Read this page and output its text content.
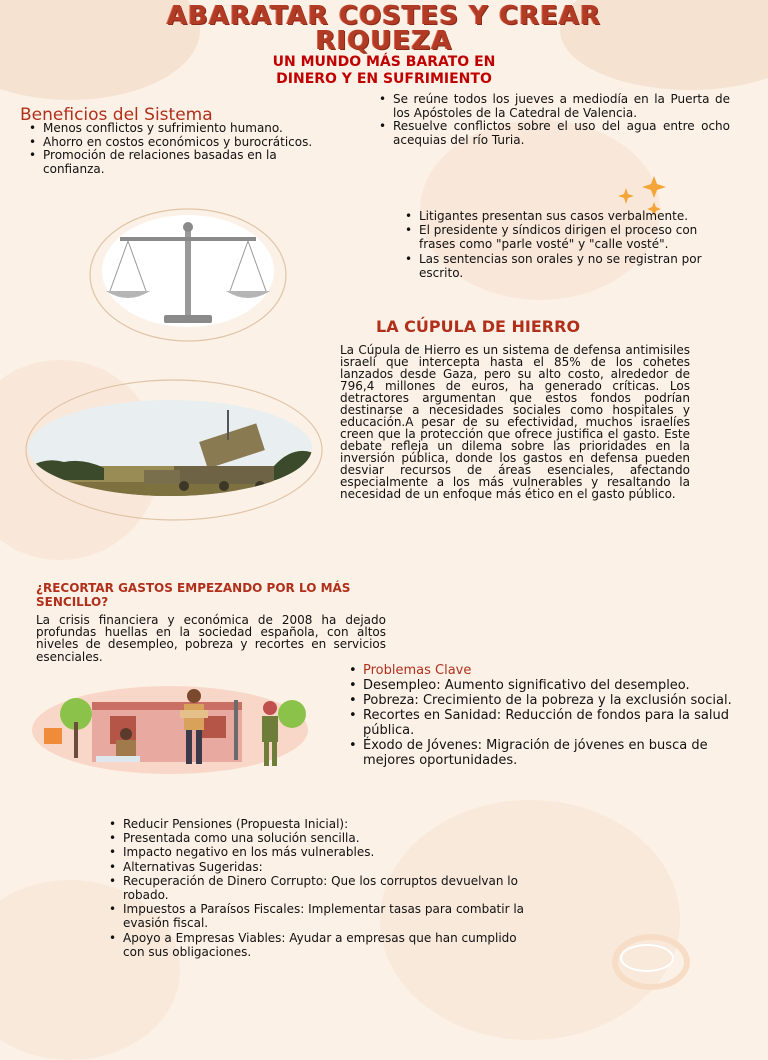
ABARATAR COSTES Y CREAR
RIQUEZA
UN MUNDO MÁS BARATO EN
DINERO Y EN SUFRIMIENTO
Beneficios del Sistema
• Menos conflictos y sufrimiento humano.
• Ahorro en costos económicos y burocráticos.
• Promoción de relaciones basadas en la confianza.
• Se reúne todos los jueves a mediodía en la Puerta de los Apóstoles de la Catedral de Valencia.
• Resuelve conflictos sobre el uso del agua entre ocho acequias del río Turia.
• Litigantes presentan sus casos verbalmente.
• El presidente y síndicos dirigen el proceso con frases como "parle vosté" y "calle vosté".
• Las sentencias son orales y no se registran por escrito.
LA CÚPULA DE HIERRO
La Cúpula de Hierro es un sistema de defensa antimisiles israelí que intercepta hasta el 85% de los cohetes lanzados desde Gaza, pero su alto costo, alrededor de 796,4 millones de euros, ha generado críticas. Los detractores argumentan que estos fondos podrían destinarse a necesidades sociales como hospitales y educación.A pesar de su efectividad, muchos israelíes creen que la protección que ofrece justifica el gasto. Este debate refleja un dilema sobre las prioridades en la inversión pública, donde los gastos en defensa pueden desviar recursos de áreas esenciales, afectando especialmente a los más vulnerables y resaltando la necesidad de un enfoque más ético en el gasto público.
¿RECORTAR GASTOS EMPEZANDO POR LO MÁS
SENCILLO?
La crisis financiera y económica de 2008 ha dejado profundas huellas en la sociedad española, con altos niveles de desempleo, pobreza y recortes en servicios esenciales.
• Problemas Clave
• Desempleo: Aumento significativo del desempleo.
• Pobreza: Crecimiento de la pobreza y la exclusión social.
• Recortes en Sanidad: Reducción de fondos para la salud pública.
• Éxodo de Jóvenes: Migración de jóvenes en busca de mejores oportunidades.
• Reducir Pensiones (Propuesta Inicial):
• Presentada como una solución sencilla.
• Impacto negativo en los más vulnerables.
• Alternativas Sugeridas:
• Recuperación de Dinero Corrupto: Que los corruptos devuelvan lo robado.
• Impuestos a Paraísos Fiscales: Implementar tasas para combatir la evasión fiscal.
• Apoyo a Empresas Viables: Ayudar a empresas que han cumplido con sus obligaciones.
